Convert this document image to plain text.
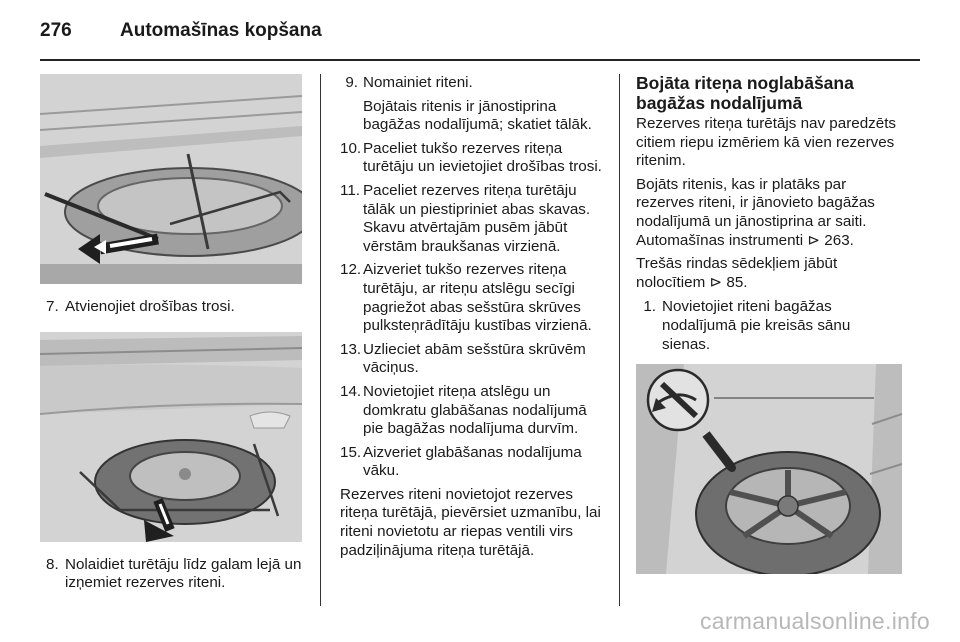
276	Automašīnas kopšana
7. Atvienojiet drošības trosi.
8. Nolaidiet turētāju līdz galam lejā un izņemiet rezerves riteni.
9. Nomainiet riteni.
Bojātais ritenis ir jānostiprina bagāžas nodalījumā; skatiet tālāk.
10. Paceliet tukšo rezerves riteņa turētāju un ievietojiet drošības trosi.
11. Paceliet rezerves riteņa turētāju tālāk un piestipriniet abas skavas. Skavu atvērtajām pusēm jābūt vērstām braukšanas virzienā.
12. Aizveriet tukšo rezerves riteņa turētāju, ar riteņu atslēgu secīgi pagriežot abas sešstūra skrūves pulksteņrādītāju kustības virzienā.
13. Uzlieciet abām sešstūra skrūvēm vāciņus.
14. Novietojiet riteņa atslēgu un domkratu glabāšanas nodalījumā pie bagāžas nodalījuma durvīm.
15. Aizveriet glabāšanas nodalījuma vāku.
Rezerves riteni novietojot rezerves riteņa turētājā, pievērsiet uzmanību, lai riteni novietotu ar riepas ventili virs padziļinājuma riteņa turētājā.
Bojāta riteņa noglabāšana bagāžas nodalījumā
Rezerves riteņa turētājs nav paredzēts citiem riepu izmēriem kā vien rezerves ritenim.
Bojāts ritenis, kas ir platāks par rezerves riteni, ir jānovieto bagāžas nodalījumā un jānostiprina ar saiti. Automašīnas instrumenti ⊳ 263.
Trešās rindas sēdekļiem jābūt nolocītiem ⊳ 85.
1. Novietojiet riteni bagāžas nodalījumā pie kreisās sānu sienas.
carmanualsonline.info
